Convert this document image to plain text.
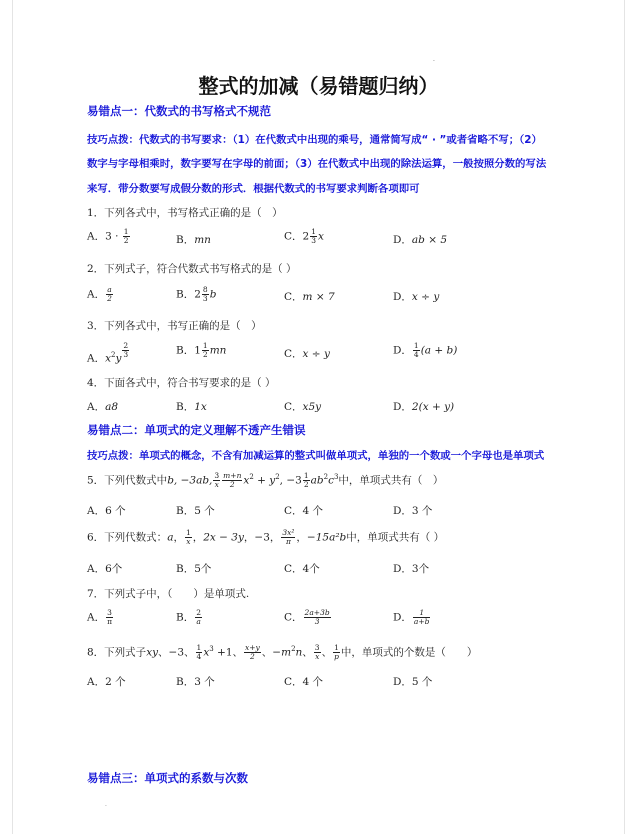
·
整式的加减（易错题归纳）
易错点一：代数式的书写格式不规范
技巧点拨：代数式的书写要求：（1）在代数式中出现的乘号，通常简写成“ · ”或者省略不写；（2）
数字与字母相乘时，数字要写在字母的前面；（3）在代数式中出现的除法运算，一般按照分数的写法
来写．带分数要写成假分数的形式．根据代数式的书写要求判断各项即可
1．下列各式中，书写格式正确的是（　）
A．$3 \cdot \frac{1}{2}$	B．mn	C．$2 \frac{1}{3}$ x	D．ab × 5
2．下列式子，符合代数式书写格式的是（ ）
A． $\frac{a}{2}$	B．$2 \frac{8}{3}$ b	C．m × 7	D．x ÷ y
3．下列各式中，书写正确的是（　）
A．$x^2y \frac{2}{3}$	B．$1 \frac{1}{2}$ mn	C．x ÷ y	D． $\frac{1}{4} (a + b)$
4．下面各式中，符合书写要求的是（ ）
A．a8	B．1x	C．x5y	D．2(x + y)
易错点二：单项式的定义理解不透产生错误
技巧点拨：单项式的概念，不含有加减运算的整式叫做单项式，单独的一个数或一个字母也是单项式
5．下列代数式中b, −3ab, $\frac{3}{x} \frac{m+n}{2} x^2 + y^2$, $-3 \frac{1}{2} ab^2c^3$中，单项式共有（　）
A．6 个	B．5 个	C．4 个	D．3 个
6．下列代数式：a， $\frac{1}{x}$ ，2x − 3y，−3， $\frac{\text{3x²}}{\pi}$ ，−15a²b中，单项式共有（ ）
A．6个	B．5个	C．4个	D．3个
7．下列式子中，（　　）是单项式.
A． $\frac{3}{\pi}$	B． $\frac{2}{a}$	C． $\frac{2a+3b}{3}$	D． $\frac{1}{a+b}$
8．下列式子xy、−3、 $\frac{1}{4} x^3 +1$、 $\frac{x+y}{2}$ 、$-m^2n$、 $\frac{3}{x}$ 、 $\frac{1}{p}$ 中，单项式的个数是（　　）
A．2 个	B．3 个	C．4 个	D．5 个
易错点三：单项式的系数与次数
·
